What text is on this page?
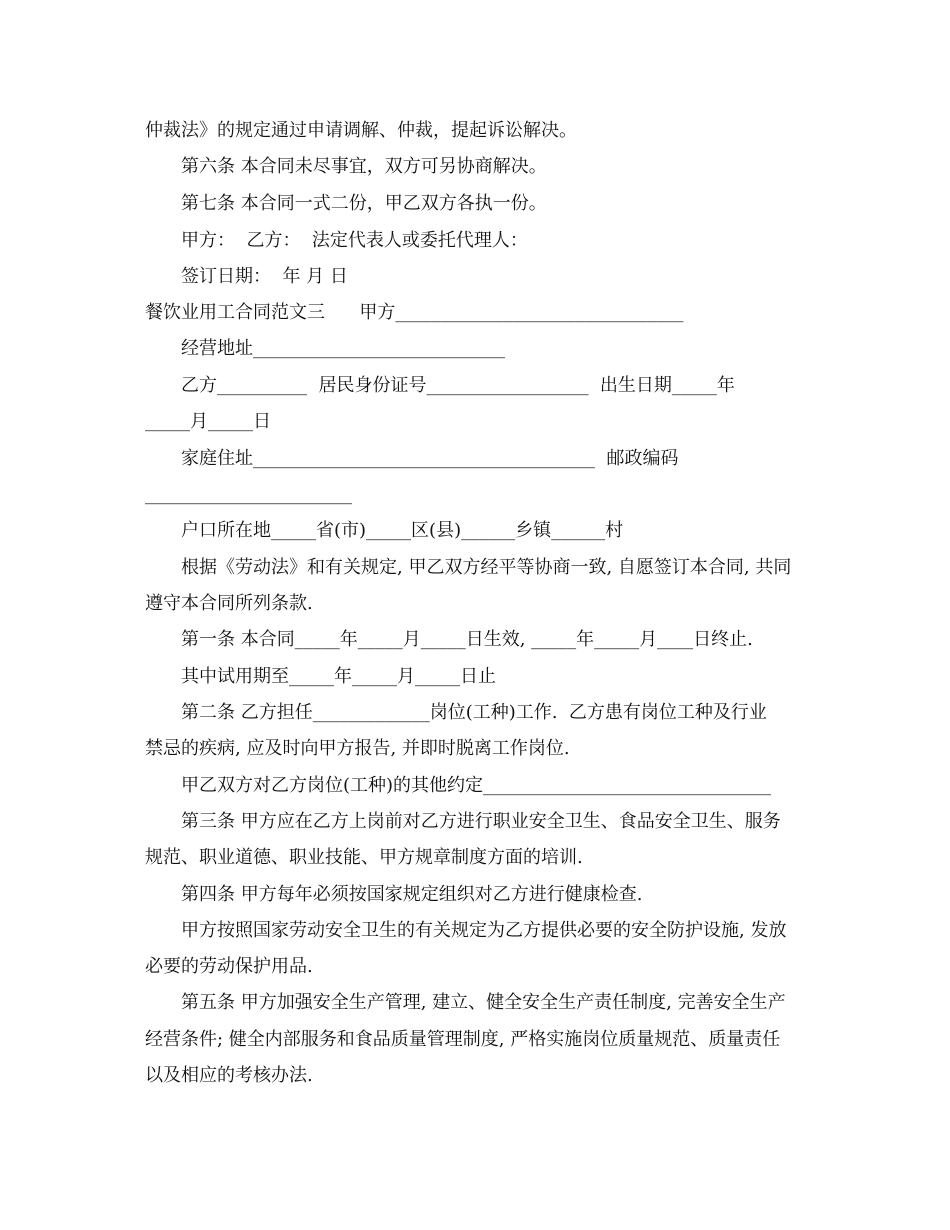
仲裁法》的规定通过申请调解、仲裁，提起诉讼解决。
第六条 本合同未尽事宜，双方可另协商解决。
第七条 本合同一式二份，甲乙双方各执一份。
甲方：  乙方：  法定代表人或委托代理人：
签订日期：  年 月 日
餐饮业用工合同范文三      甲方________________________________
经营地址____________________________
乙方__________  居民身份证号__________________  出生日期_____年
_____月_____日
家庭住址______________________________________  邮政编码
_______________________
户口所在地_____省(市)_____区(县)______乡镇______村
根据《劳动法》和有关规定, 甲乙双方经平等协商一致, 自愿签订本合同, 共同
遵守本合同所列条款.
第一条 本合同_____年_____月_____日生效, _____年_____月____日终止.
其中试用期至_____年_____月_____日止
第二条 乙方担任_____________岗位(工种)工作.  乙方患有岗位工种及行业
禁忌的疾病, 应及时向甲方报告, 并即时脱离工作岗位.
甲乙双方对乙方岗位(工种)的其他约定________________________________
第三条 甲方应在乙方上岗前对乙方进行职业安全卫生、食品安全卫生、服务
规范、职业道德、职业技能、甲方规章制度方面的培训.
第四条 甲方每年必须按国家规定组织对乙方进行健康检查.
甲方按照国家劳动安全卫生的有关规定为乙方提供必要的安全防护设施, 发放
必要的劳动保护用品.
第五条 甲方加强安全生产管理, 建立、健全安全生产责任制度, 完善安全生产
经营条件; 健全内部服务和食品质量管理制度, 严格实施岗位质量规范、质量责任
以及相应的考核办法.
